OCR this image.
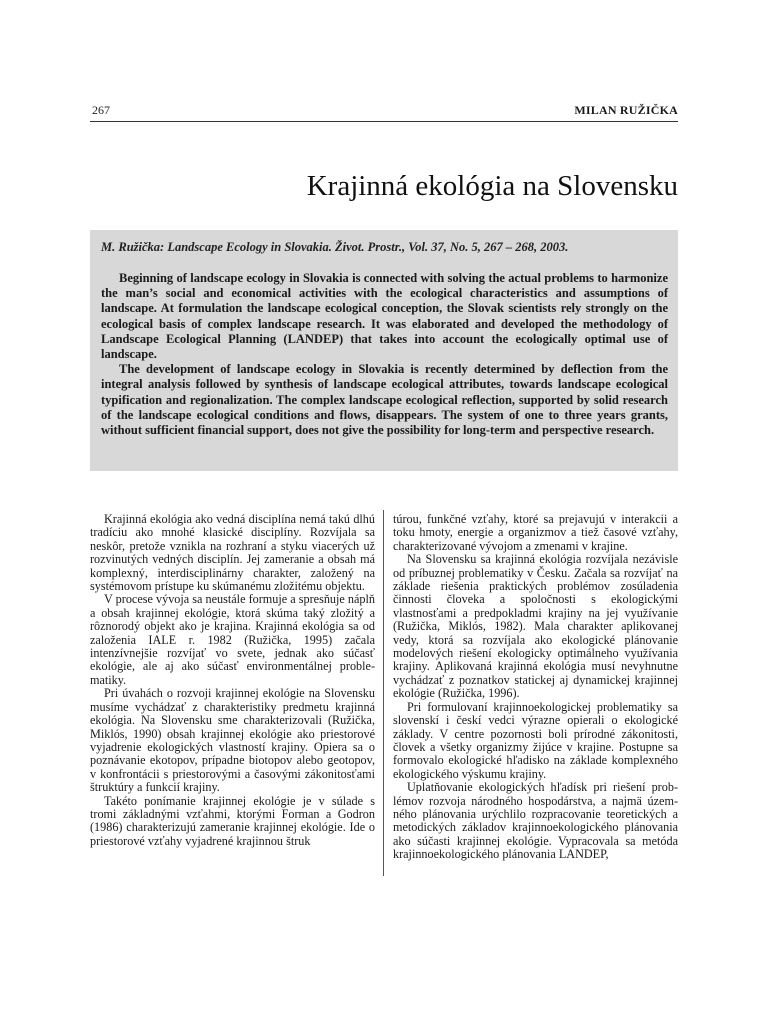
267	MILAN RUŽIČKA
Krajinná ekológia na Slovensku

M. Ružička: Landscape Ecology in Slovakia. Život. Prostr., Vol. 37, No. 5, 267 – 268, 2003.

Beginning of landscape ecology in Slovakia is connected with solving the actual problems to harmonize the man’s social and economical activities with the ecological characteristics and assumptions of landscape. At formulation the landscape ecological conception, the Slovak scientists rely strongly on the ecological basis of complex landscape research. It was elaborated and developed the methodology of Landscape Ecological Planning (LANDEP) that takes into account the ecologically optimal use of landscape.

The development of landscape ecology in Slovakia is recently determined by deflection from the integral analysis followed by synthesis of landscape ecological attributes, towards landscape ecological typification and regionalization. The complex landscape ecological reflection, supported by solid research of the landscape ecological conditions and flows, disappears. The system of one to three years grants, without sufficient financial support, does not give the possibility for long-term and perspective research.

Krajinná ekológia ako vedná disciplína nemá takú dlhú tradíciu ako mnohé klasické disciplíny. Rozvíjala sa neskôr, pretože vznikla na rozhraní a styku viacerých už rozvinutých vedných disciplín. Jej zameranie a obsah má komplexný, interdisciplinárny charakter, založený na systémovom prístupe ku skúmanému zložitému objektu.

V procese vývoja sa neustále formuje a spresňuje náplň a obsah krajinnej ekológie, ktorá skúma taký zložitý a rôznorodý objekt ako je krajina. Krajinná ekológia sa od založenia IALE r. 1982 (Ružička, 1995) začala intenzívnejšie rozvíjať vo svete, jednak ako súčasť ekológie, ale aj ako súčasť environmentálnej problematiky.

Pri úvahách o rozvoji krajinnej ekológie na Slovensku musíme vychádzať z charakteristiky predmetu krajinná ekológia. Na Slovensku sme charakterizovali (Ružička, Miklós, 1990) obsah krajinnej ekológie ako priestorové vyjadrenie ekologických vlastností krajiny. Opiera sa o poznávanie ekotopov, prípadne biotopov alebo geotopov, v konfrontácii s priestorovými a časovými zákonitosťami štruktúry a funkcií krajiny.

Takéto ponímanie krajinnej ekológie je v súlade s tromi základnými vzťahmi, ktorými Forman a Godron (1986) charakterizujú zameranie krajinnej ekológie. Ide o priestorové vzťahy vyjadrené krajinnou štruk

túrou, funkčné vzťahy, ktoré sa prejavujú v interakcii a toku hmoty, energie a organizmov a tiež časové vzťahy, charakterizované vývojom a zmenami v krajine.

Na Slovensku sa krajinná ekológia rozvíjala nezávisle od príbuznej problematiky v Česku. Začala sa rozvíjať na základe riešenia praktických problémov zosúladenia činnosti človeka a spoločnosti s ekologickými vlastnosťami a predpokladmi krajiny na jej využívanie (Ružička, Miklós, 1982). Mala charakter aplikovanej vedy, ktorá sa rozvíjala ako ekologické plánovanie modelových riešení ekologicky optimálneho využívania krajiny. Aplikovaná krajinná ekológia musí nevyhnutne vychádzať z poznatkov statickej aj dynamickej krajinnej ekológie (Ružička, 1996).

Pri formulovaní krajinnoekologickej problematiky sa slovenskí i českí vedci výrazne opierali o ekologické základy. V centre pozornosti boli prírodné zákonitosti, človek a všetky organizmy žijúce v krajine. Postupne sa formovalo ekologické hľadisko na základe komplexného ekologického výskumu krajiny.

Uplatňovanie ekologických hľadísk pri riešení problémov rozvoja národného hospodárstva, a najmä územného plánovania urýchlilo rozpracovanie teoretických a metodických základov krajinnoekologického plánovania ako súčasti krajinnej ekológie. Vypracovala sa metóda krajinnoekologického plánovania LANDEP,
